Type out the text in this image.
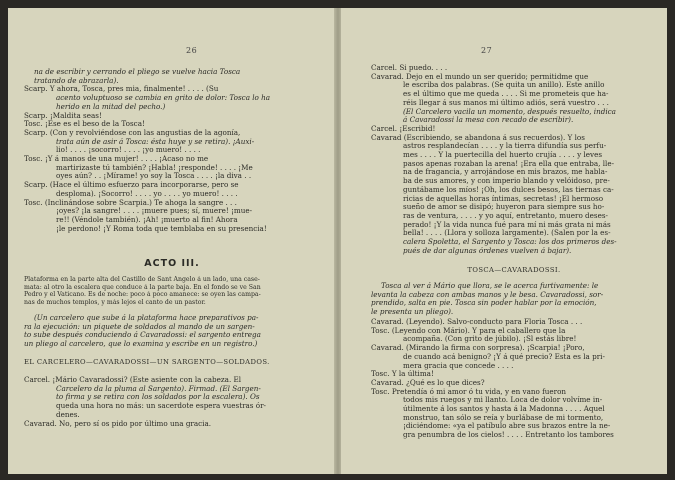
26
na de escribir y cerrando el pliego se vuelve hacia Tosca
tratando de abrazarla).
Scarp. Y ahora, Tosca, pres mia, finalmente! . . . . (Su
acento voluptuoso se cambia en grito de dolor: Tosca lo ha
herido en la mitad del pecho.)
Scarp. ¡Maldita seas!
Tosc. ¡Ese es el beso de la Tosca!
Scarp. (Con y revolviéndose con las angustias de la agonía,
trata aún de asir á Tosca: ésta huye y se retira). ¡Auxi-
lio! . . . . ¡socorro! . . . . ¡yo muero! . . . .
Tosc. ¡Y á manos de una mujer! . . . . ¡Acaso no me
martirizaste tú también? ¡Habla! ¡responde! . . . . ¡Me
oyes aún? . . ¡Mírame! yo soy la Tosca . . . . ¡la diva . .
Scarp. (Hace el último esfuerzo para incorporarse, pero se
desploma). ¡Socorro! . . . . yo . . . . yo muero! . . . .
Tosc. (Inclinándose sobre Scarpia.) Te ahoga la sangre . . .
¡oyes? ¡la sangre! . . . . ¡muere pues; sí, muere! ¡mue-
re!! (Véndole también). ¡Ah! ¡muerto al fin! Ahora
¡le perdono! ¡Y Roma toda que temblaba en su presencia!
ACTO III.
Plataforma en la parte alta del Castillo de Sant Angelo á un lado, una case-
mata: al otro la escalera que conduce á la parte baja. En el fondo se ve San
Pedro y el Vaticano. Es de noche: poco á poco amanece: se oyen las campa-
nas de muchos templos, y más lejos el canto de un pastor.
(Un carcelero que sube á la plataforma hace preparativos pa-
ra la ejecución: un piquete de soldados al mando de un sargen-
to sube después conduciendo á Cavaradossi: el sargento entrega
un pliego al carcelero, que lo examina y escribe en un registro.)
EL CARCELERO—CAVARADOSSI—UN SARGENTO—SOLDADOS.
Carcel. ¡Mário Cavaradossi? (Este asiente con la cabeza. El
Carcelero da la pluma al Sargento). Firmad. (El Sargen-
to firma y se retira con los soldados por la escalera). Os
queda una hora no más: un sacerdote espera vuestras ór-
denes.
Cavarad. No, pero sí os pido por último una gracia.
27
Carcel. Si puedo. . . .
Cavarad. Dejo en el mundo un ser querido; permitidme que
le escriba dos palabras. (Se quita un anillo). Este anillo
es el último que me queda . . . . Si me prometeis que ha-
réis llegar á sus manos mi último adiós, será vuestro . . .
(El Carcelero vacila un momento, después resuelto, indica
á Cavaradossi la mesa con recado de escribir).
Carcel. ¡Escribid!
Cavarad (Escribiendo, se abandona á sus recuerdos). Y los
astros resplandecían . . . . y la tierra difundía sus perfu-
mes . . . . Y la puertecilla del huerto crujía . . . . y leves
pasos apenas rozaban la arena! ¡Era ella que entraba, lle-
na de fragancia, y arrojándose en mis brazos, me habla-
ba de sus amores, y con imperio blando y velóidoso, pre-
guntábame los míos! ¡Oh, los dulces besos, las tiernas ca-
ricias de aquellas horas íntimas, secretas! ¡El hermoso
sueño de amor se disipó; huyeron para siempre sus ho-
ras de ventura, . . . . y yo aquí, entretanto, muero deses-
perado! ¡Y la vida nunca fué para mí ni más grata ni más
bella! . . . . (Llora y solloza largamente). (Salen por la es-
calera Spoletta, el Sargento y Tosca: los dos primeros des-
pués de dar algunas órdenes vuelven á bajar).
TOSCA—CAVARADOSSI.
Tosca al ver á Mário que llora, se le acerca furtivamente: le
levanta la cabeza con ambas manos y le besa. Cavaradossi, sor-
prendido, salta en pie. Tosca sin poder hablar por la emoción,
le presenta un pliego).
Cavarad. (Leyendo). Salvo-conducto para Floria Tosca . . .
Tosc. (Leyendo con Mário). Y para el caballero que la
acompaña. (Con grito de júbilo). ¡Sl estás libre!
Cavarad. (Mirando la firma con sorpresa). ¡Scarpia! ¡Poro,
de cuando acá benigno? ¡Y á qué precio? Esta es la pri-
mera gracia que concede . . . .
Tosc. Y la última!
Cavarad. ¿Qué es lo que dices?
Tosc. Pretendía ó mi amor ó tu vida, y en vano fueron
todos mis ruegos y mi llanto. Loca de dolor volvíme in-
útilmente á los santos y hasta á la Madonna . . . . Aquel
monstruo, tan sólo se reía y burlábase de mi tormento,
¡diciéndome: «ya el patíbulo abre sus brazos entre la ne-
gra penumbra de los cielos! . . . . Entretanto los tambores
